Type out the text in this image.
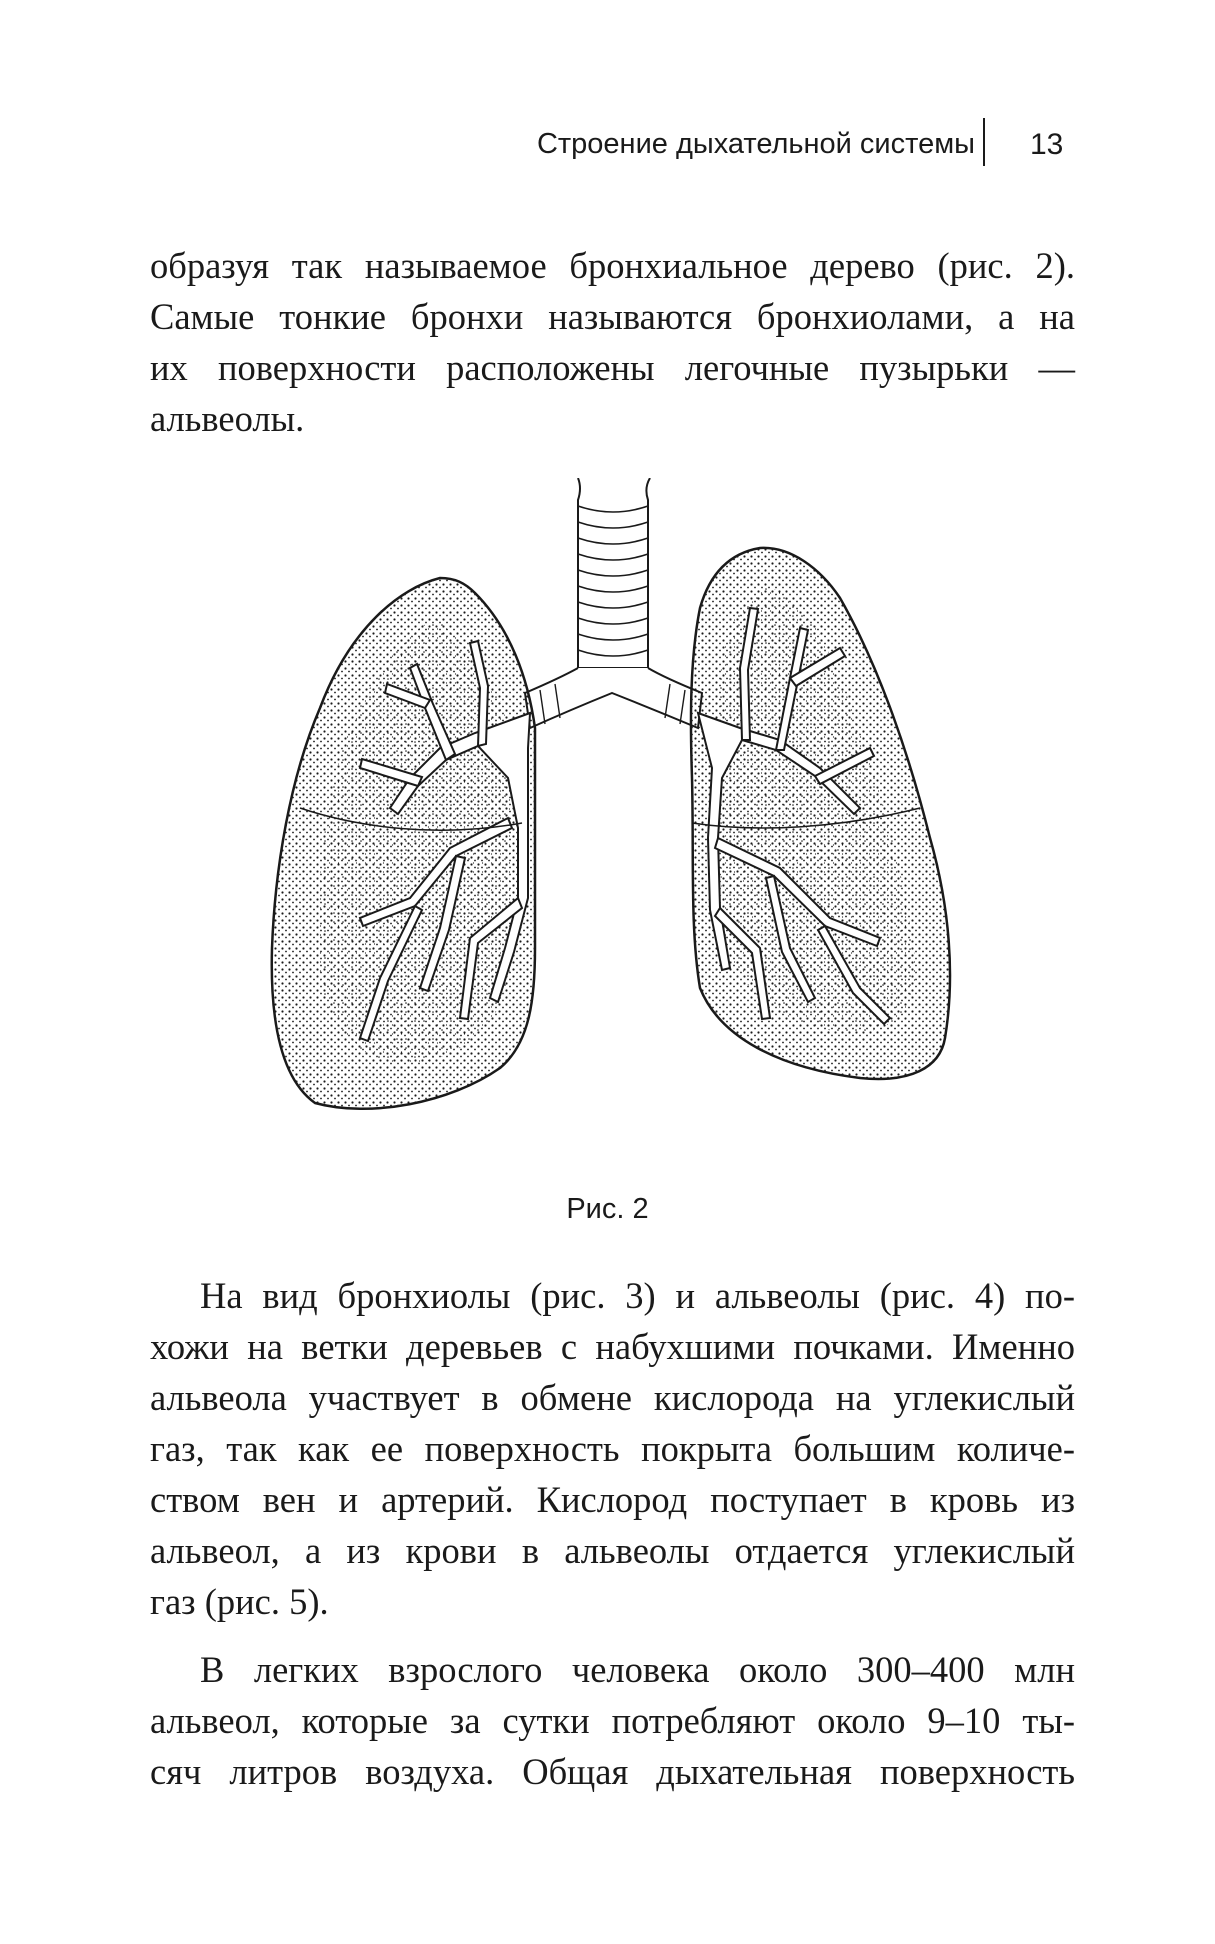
Строение дыхательной системы 13
образуя так называемое бронхиальное дерево (рис. 2).
Самые тонкие бронхи называются бронхиолами, а на
их поверхности расположены легочные пузырьки —
альвеолы.
Рис. 2
На вид бронхиолы (рис. 3) и альвеолы (рис. 4) по-
хожи на ветки деревьев с набухшими почками. Именно
альвеола участвует в обмене кислорода на углекислый
газ, так как ее поверхность покрыта большим количе-
ством вен и артерий. Кислород поступает в кровь из
альвеол, а из крови в альвеолы отдается углекислый
газ (рис. 5).
В легких взрослого человека около 300–400 млн
альвеол, которые за сутки потребляют около 9–10 ты-
сяч литров воздуха. Общая дыхательная поверхность
